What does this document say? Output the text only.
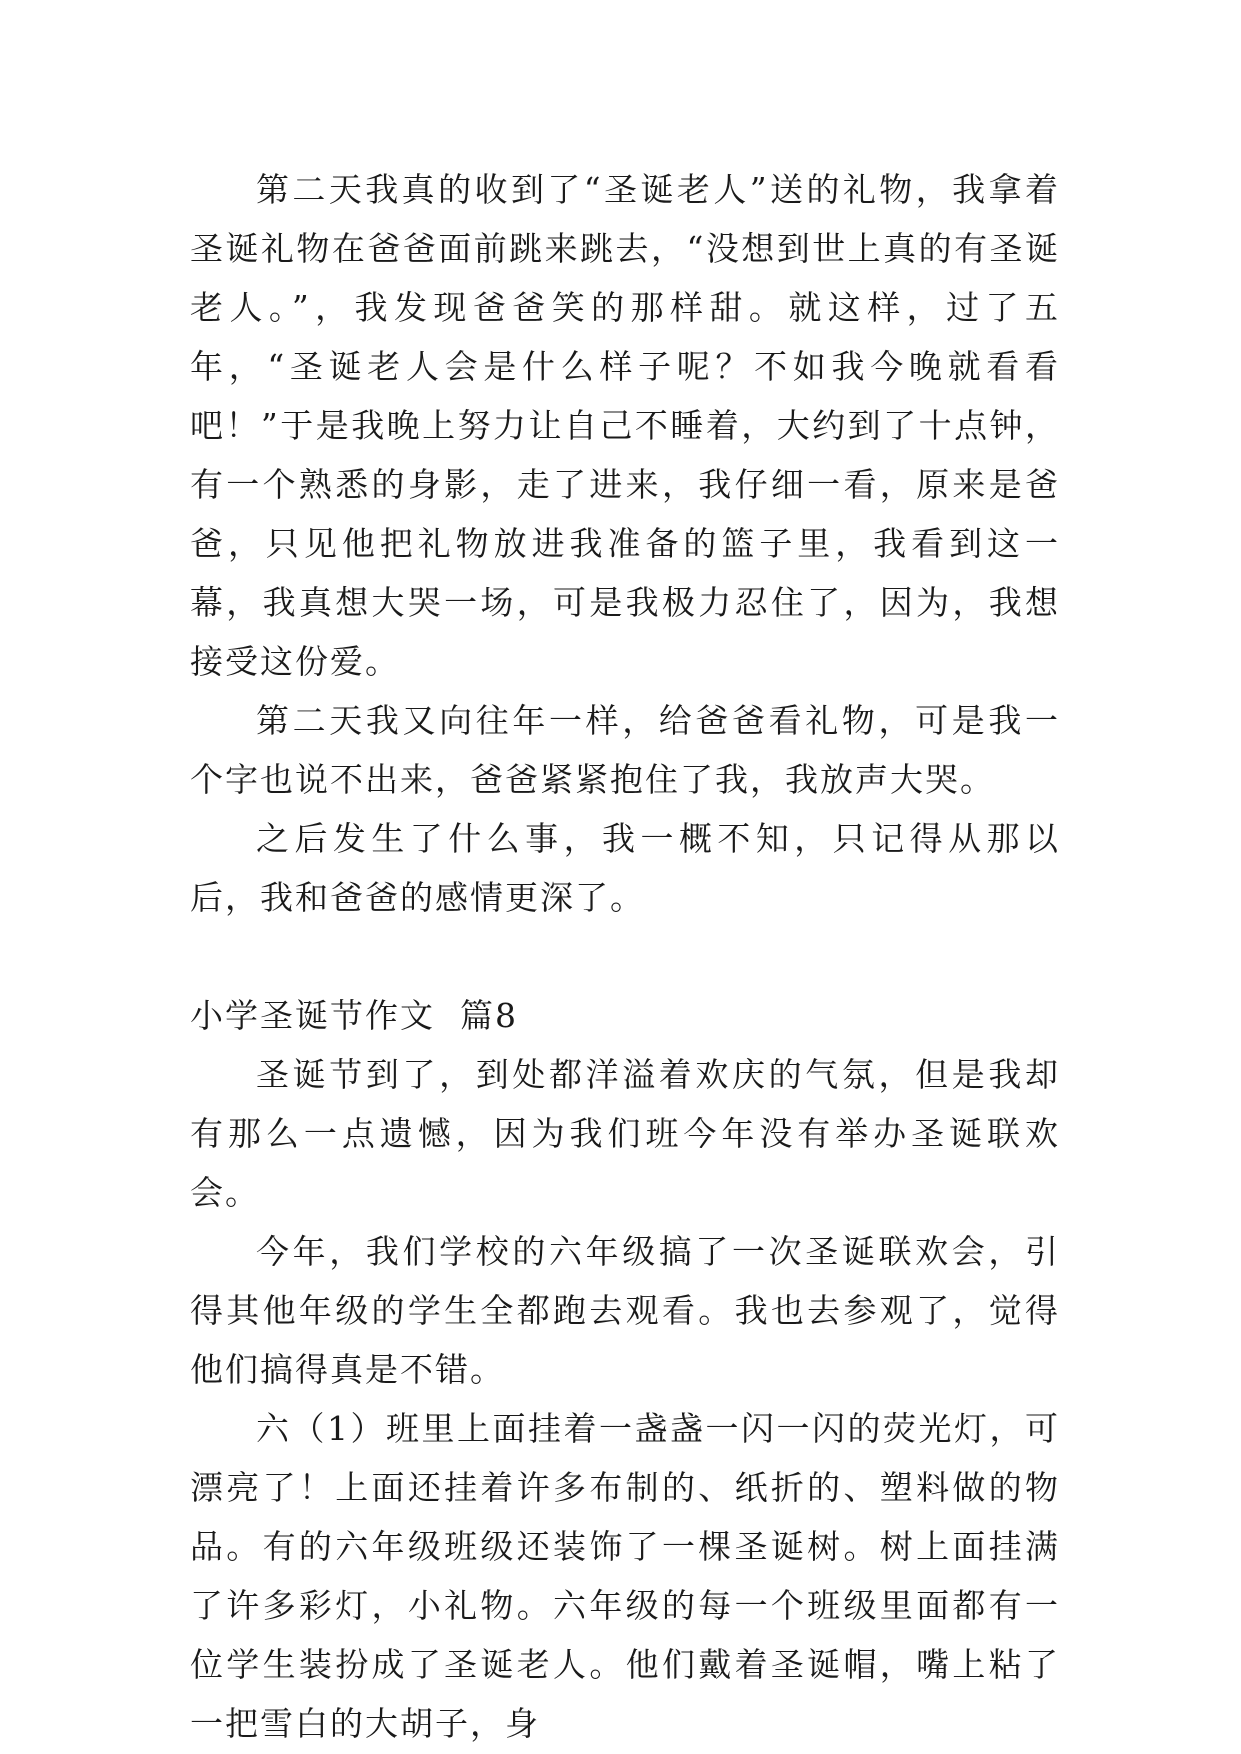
第二天我真的收到了“圣诞老人”送的礼物，我拿着圣诞礼物在爸爸面前跳来跳去，“没想到世上真的有圣诞老人。”，我发现爸爸笑的那样甜。就这样，过了五年，“圣诞老人会是什么样子呢？不如我今晚就看看吧！”于是我晚上努力让自己不睡着，大约到了十点钟，有一个熟悉的身影，走了进来，我仔细一看，原来是爸爸，只见他把礼物放进我准备的篮子里，我看到这一幕，我真想大哭一场，可是我极力忍住了，因为，我想接受这份爱。

第二天我又向往年一样，给爸爸看礼物，可是我一个字也说不出来，爸爸紧紧抱住了我，我放声大哭。

之后发生了什么事，我一概不知，只记得从那以后，我和爸爸的感情更深了。

小学圣诞节作文  篇8

圣诞节到了，到处都洋溢着欢庆的气氛，但是我却有那么一点遗憾，因为我们班今年没有举办圣诞联欢会。

今年，我们学校的六年级搞了一次圣诞联欢会，引得其他年级的学生全都跑去观看。我也去参观了，觉得他们搞得真是不错。

六（1）班里上面挂着一盏盏一闪一闪的荧光灯，可漂亮了！上面还挂着许多布制的、纸折的、塑料做的物品。有的六年级班级还装饰了一棵圣诞树。树上面挂满了许多彩灯，小礼物。六年级的每一个班级里面都有一位学生装扮成了圣诞老人。他们戴着圣诞帽，嘴上粘了一把雪白的大胡子，身
